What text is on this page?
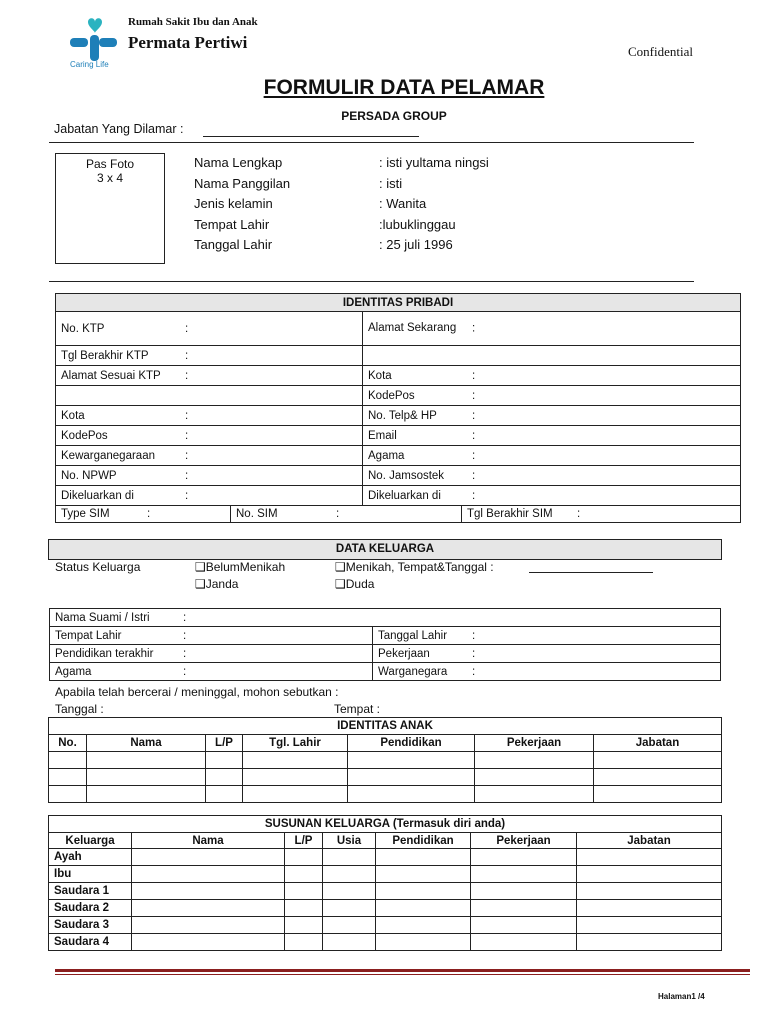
Caring Life
Rumah Sakit Ibu dan Anak
Permata Pertiwi	Confidential
FORMULIR DATA PELAMAR
PERSADA GROUP
Jabatan Yang Dilamar :
Pas Foto
3 x 4
Nama Lengkap	: isti yultama ningsi
Nama Panggilan	: isti
Jenis kelamin	: Wanita
Tempat Lahir	:lubuklinggau
Tanggal Lahir	: 25 juli 1996
IDENTITAS PRIBADI	
No. KTP :	Alamat Sekarang :
Tgl Berakhir KTP :	
Alamat Sesuai KTP :	Kota :
	KodePos :
Kota :	No. Telp& HP :
KodePos :	Email :
Kewarganegaraan :	Agama :
No. NPWP :	No. Jamsostek :
Dikeluarkan di :	Dikeluarkan di :
Type SIM	:	No. SIM	:	Tgl Berakhir SIM :
DATA KELUARGA
Status Keluarga	❑BelumMenikah	❑Menikah, Tempat&Tanggal :
❑Janda	❑Duda
Nama Suami / Istri :	
Tempat Lahir :	Tanggal Lahir :
Pendidikan terakhir :	Pekerjaan :
Agama :	Warganegara :
Apabila telah bercerai / meninggal, mohon sebutkan :
Tanggal :	Tempat :
IDENTITAS ANAK						
No.	Nama	L/P	Tgl. Lahir	Pendidikan	Pekerjaan	Jabatan

SUSUNAN KELUARGA (Termasuk diri anda)						
Keluarga	Nama	L/P	Usia	Pendidikan	Pekerjaan	Jabatan
Ayah						
Ibu						
Saudara 1						
Saudara 2						
Saudara 3						
Saudara 4						
Halaman1 /4
